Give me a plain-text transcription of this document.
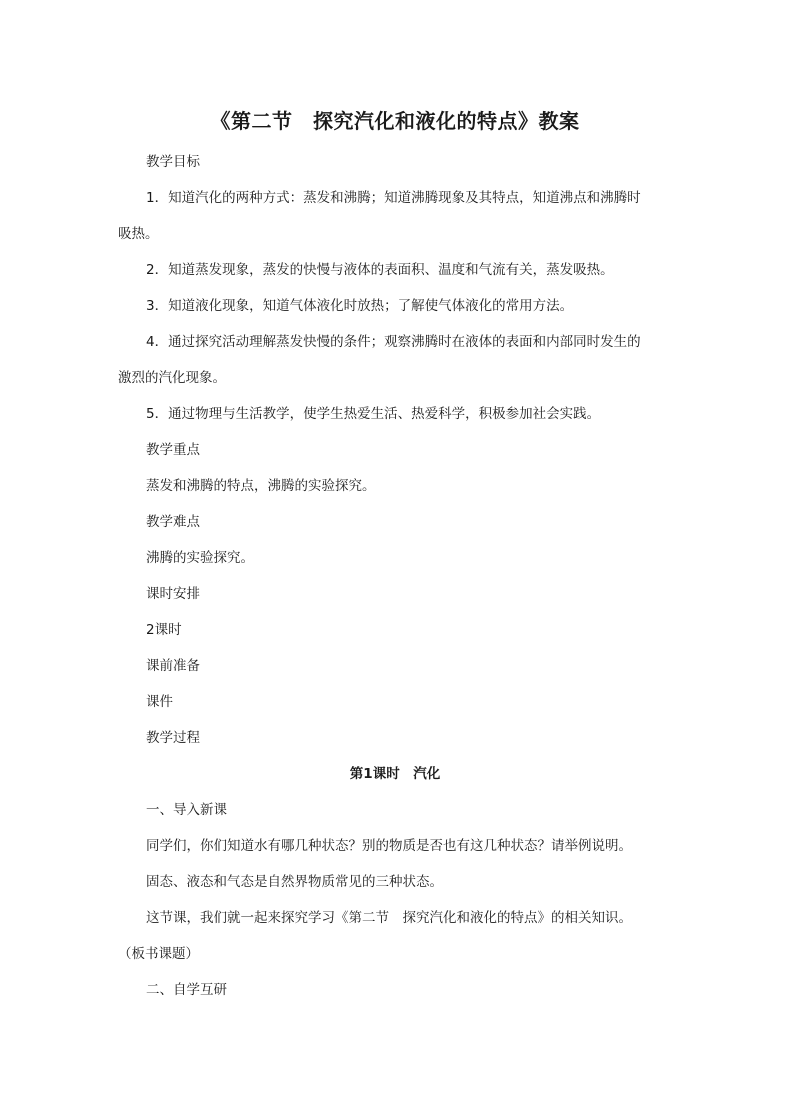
《第二节　探究汽化和液化的特点》教案

教学目标

1．知道汽化的两种方式：蒸发和沸腾；知道沸腾现象及其特点，知道沸点和沸腾时

吸热。

2．知道蒸发现象，蒸发的快慢与液体的表面积、温度和气流有关，蒸发吸热。

3．知道液化现象，知道气体液化时放热；了解使气体液化的常用方法。

4．通过探究活动理解蒸发快慢的条件；观察沸腾时在液体的表面和内部同时发生的

激烈的汽化现象。

5．通过物理与生活教学，使学生热爱生活、热爱科学，积极参加社会实践。

教学重点

蒸发和沸腾的特点，沸腾的实验探究。

教学难点

沸腾的实验探究。

课时安排

2课时

课前准备

课件

教学过程

第1课时　汽化

一、导入新课

同学们，你们知道水有哪几种状态？别的物质是否也有这几种状态？请举例说明。

固态、液态和气态是自然界物质常见的三种状态。

这节课，我们就一起来探究学习《第二节　探究汽化和液化的特点》的相关知识。

（板书课题）

二、自学互研
